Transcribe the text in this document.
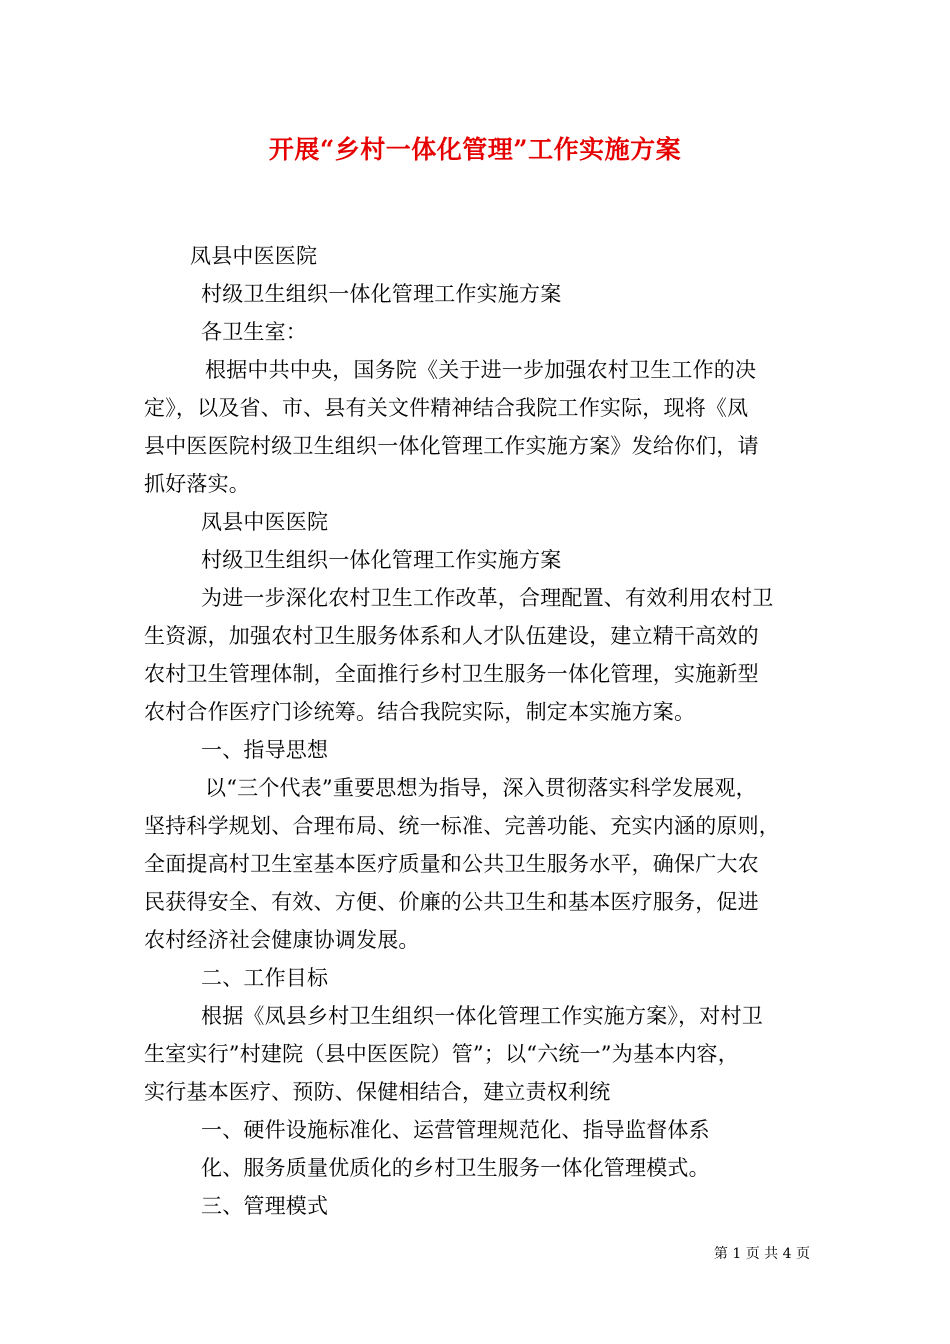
开展“乡村一体化管理”工作实施方案
凤县中医医院
村级卫生组织一体化管理工作实施方案
各卫生室：
根据中共中央，国务院《关于进一步加强农村卫生工作的决
定》，以及省、市、县有关文件精神结合我院工作实际，现将《凤
县中医医院村级卫生组织一体化管理工作实施方案》发给你们，请
抓好落实。
凤县中医医院
村级卫生组织一体化管理工作实施方案
为进一步深化农村卫生工作改革，合理配置、有效利用农村卫
生资源，加强农村卫生服务体系和人才队伍建设，建立精干高效的
农村卫生管理体制，全面推行乡村卫生服务一体化管理，实施新型
农村合作医疗门诊统筹。结合我院实际，制定本实施方案。
一、指导思想
以“三个代表”重要思想为指导，深入贯彻落实科学发展观，
坚持科学规划、合理布局、统一标准、完善功能、充实内涵的原则，
全面提高村卫生室基本医疗质量和公共卫生服务水平，确保广大农
民获得安全、有效、方便、价廉的公共卫生和基本医疗服务，促进
农村经济社会健康协调发展。
二、工作目标
根据《凤县乡村卫生组织一体化管理工作实施方案》，对村卫
生室实行”村建院（县中医医院）管”；以“六统一”为基本内容，
实行基本医疗、预防、保健相结合，建立责权利统
一、硬件设施标准化、运营管理规范化、指导监督体系
化、服务质量优质化的乡村卫生服务一体化管理模式。
三、管理模式
第 1 页 共 4 页
